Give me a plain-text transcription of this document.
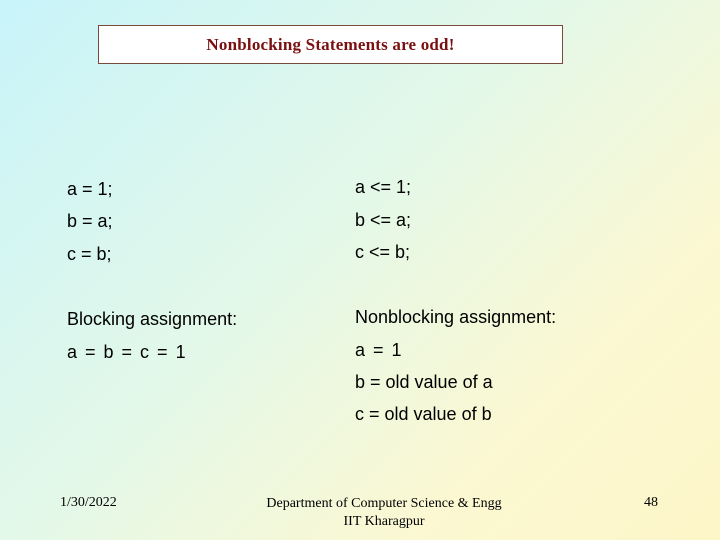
Nonblocking Statements are odd!
a = 1;
b = a;
c = b;
Blocking assignment:
a = b = c = 1
a <= 1;
b <= a;
c <= b;
Nonblocking assignment:
a = 1
b = old value of a
c = old value of b
1/30/2022	Department of Computer Science & Engg
IIT Kharagpur
48
